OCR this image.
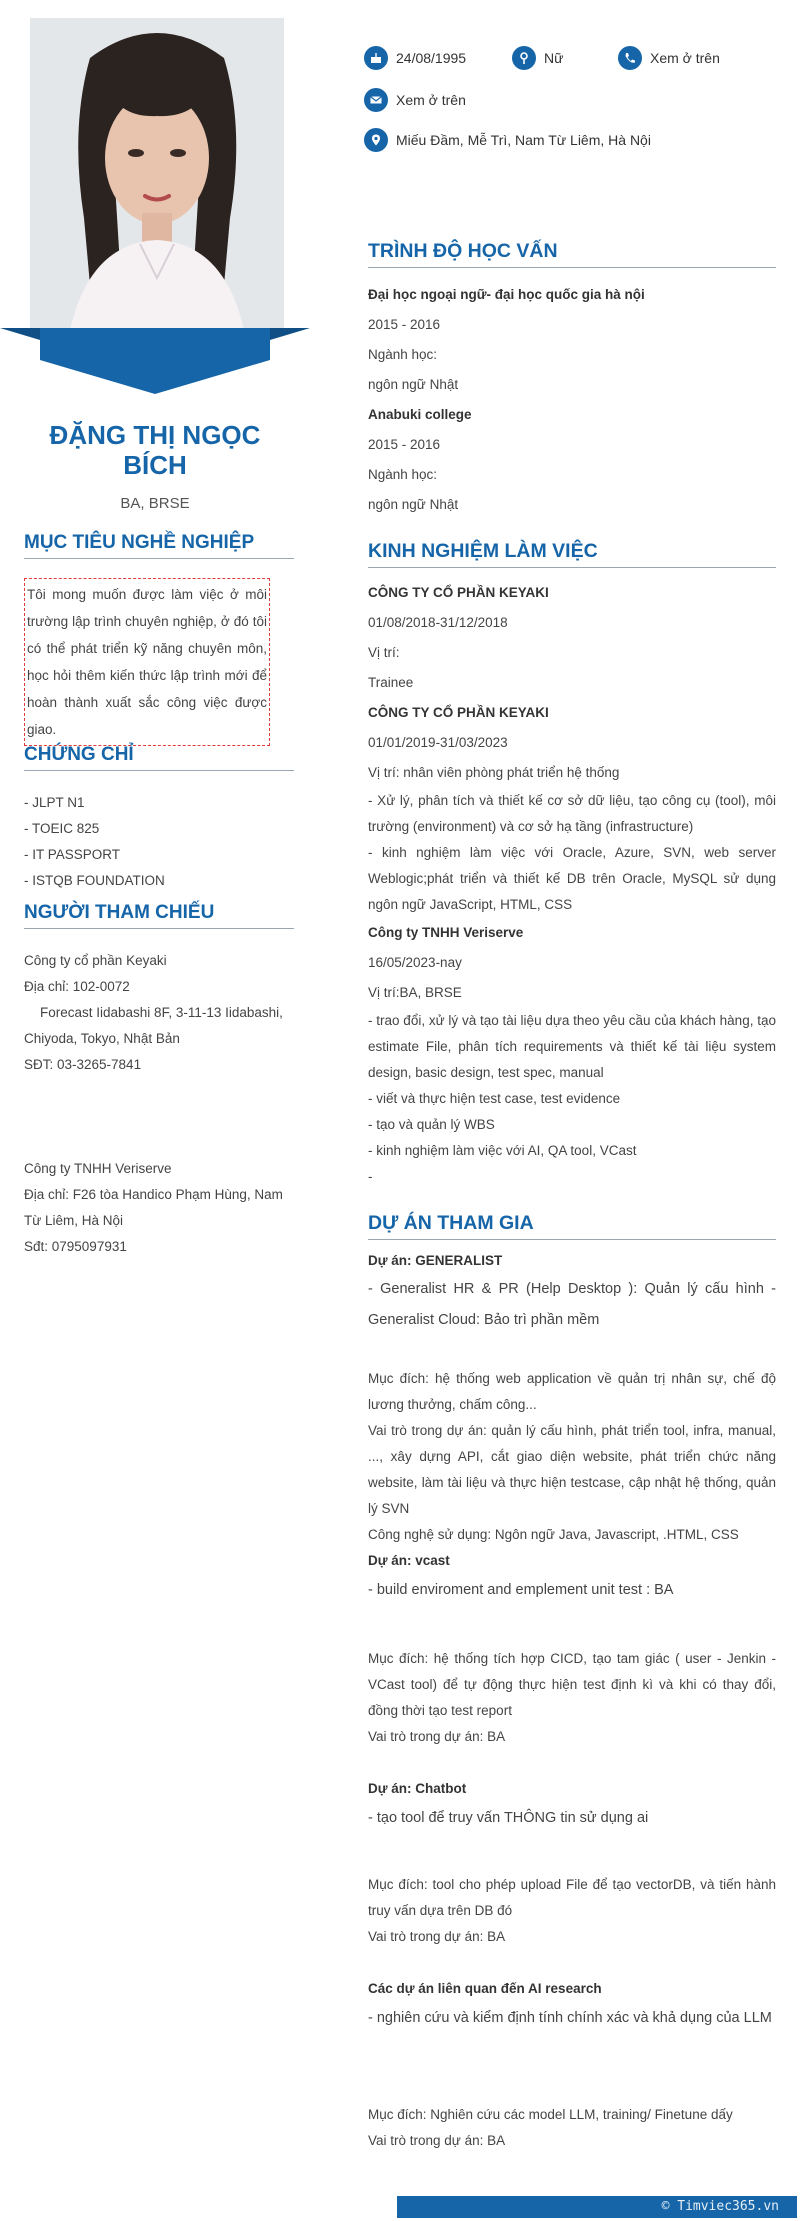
ĐẶNG THỊ NGỌC BÍCH
BA, BRSE
MỤC TIÊU NGHỀ NGHIỆP
Tôi mong muốn được làm việc ở môi trường lập trình chuyên nghiệp, ở đó tôi có thể phát triển kỹ năng chuyên môn, học hỏi thêm kiến thức lập trình mới để hoàn thành xuất sắc công việc được giao.
CHỨNG CHỈ
- JLPT N1
- TOEIC 825
- IT PASSPORT
- ISTQB FOUNDATION
NGƯỜI THAM CHIẾU
Công ty cổ phần Keyaki
Địa chỉ: 102-0072
Forecast Iidabashi 8F, 3-11-13 Iidabashi,
Chiyoda, Tokyo, Nhật Bản
SĐT: 03-3265-7841
Công ty TNHH Veriserve
Địa chỉ: F26 tòa Handico Phạm Hùng, Nam Từ Liêm, Hà Nội
Sđt: 0795097931
24/08/1995	Nữ	Xem ở trên
Xem ở trên
Miếu Đầm, Mễ Trì, Nam Từ Liêm, Hà Nội
TRÌNH ĐỘ HỌC VẤN
Đại học ngoại ngữ- đại học quốc gia hà nội
2015 - 2016
Ngành học:
ngôn ngữ Nhật
Anabuki college
2015 - 2016
Ngành học:
ngôn ngữ Nhật
KINH NGHIỆM LÀM VIỆC
CÔNG TY CỔ PHẦN KEYAKI
01/08/2018-31/12/2018
Vị trí:
Trainee
CÔNG TY CỔ PHẦN KEYAKI
01/01/2019-31/03/2023
Vị trí: nhân viên phòng phát triển hệ thống
- Xử lý, phân tích và thiết kế cơ sở dữ liệu, tạo công cụ (tool), môi trường (environment) và cơ sở hạ tầng (infrastructure)
- kinh nghiệm làm việc với Oracle, Azure, SVN, web server Weblogic;phát triển và thiết kế DB trên Oracle, MySQL sử dụng ngôn ngữ JavaScript, HTML, CSS
Công ty TNHH Veriserve
16/05/2023-nay
Vị trí:BA, BRSE
- trao đổi, xử lý và tạo tài liệu dựa theo yêu cầu của khách hàng, tạo estimate File, phân tích requirements và thiết kế tài liệu system design, basic design, test spec, manual
- viết và thực hiện test case, test evidence
- tạo và quản lý WBS
- kinh nghiệm làm việc với AI, QA tool, VCast
-
DỰ ÁN THAM GIA
Dự án: GENERALIST
- Generalist HR & PR (Help Desktop ): Quản lý cấu hình - Generalist Cloud: Bảo trì phần mềm
Mục đích: hệ thống web application về quản trị nhân sự, chế độ lương thưởng, chấm công...
Vai trò trong dự án: quản lý cấu hình, phát triển tool, infra, manual, ..., xây dựng API, cắt giao diện website, phát triển chức năng website, làm tài liệu và thực hiện testcase, cập nhật hệ thống, quản lý SVN
Công nghệ sử dụng: Ngôn ngữ Java, Javascript, .HTML, CSS
Dự án: vcast
- build enviroment and emplement unit test : BA
Mục đích: hệ thống tích hợp CICD, tạo tam giác ( user - Jenkin - VCast tool) để tự động thực hiện test định kì và khi có thay đổi, đồng thời tạo test report
Vai trò trong dự án: BA
Dự án: Chatbot
- tạo tool để truy vấn THÔNG tin sử dụng ai
Mục đích: tool cho phép upload File để tạo vectorDB, và tiến hành truy vấn dựa trên DB đó
Vai trò trong dự án: BA
Các dự án liên quan đến AI research
- nghiên cứu và kiểm định tính chính xác và khả dụng của LLM
Mục đích: Nghiên cứu các model LLM, training/ Finetune dấy
Vai trò trong dự án: BA
© Timviec365.vn
